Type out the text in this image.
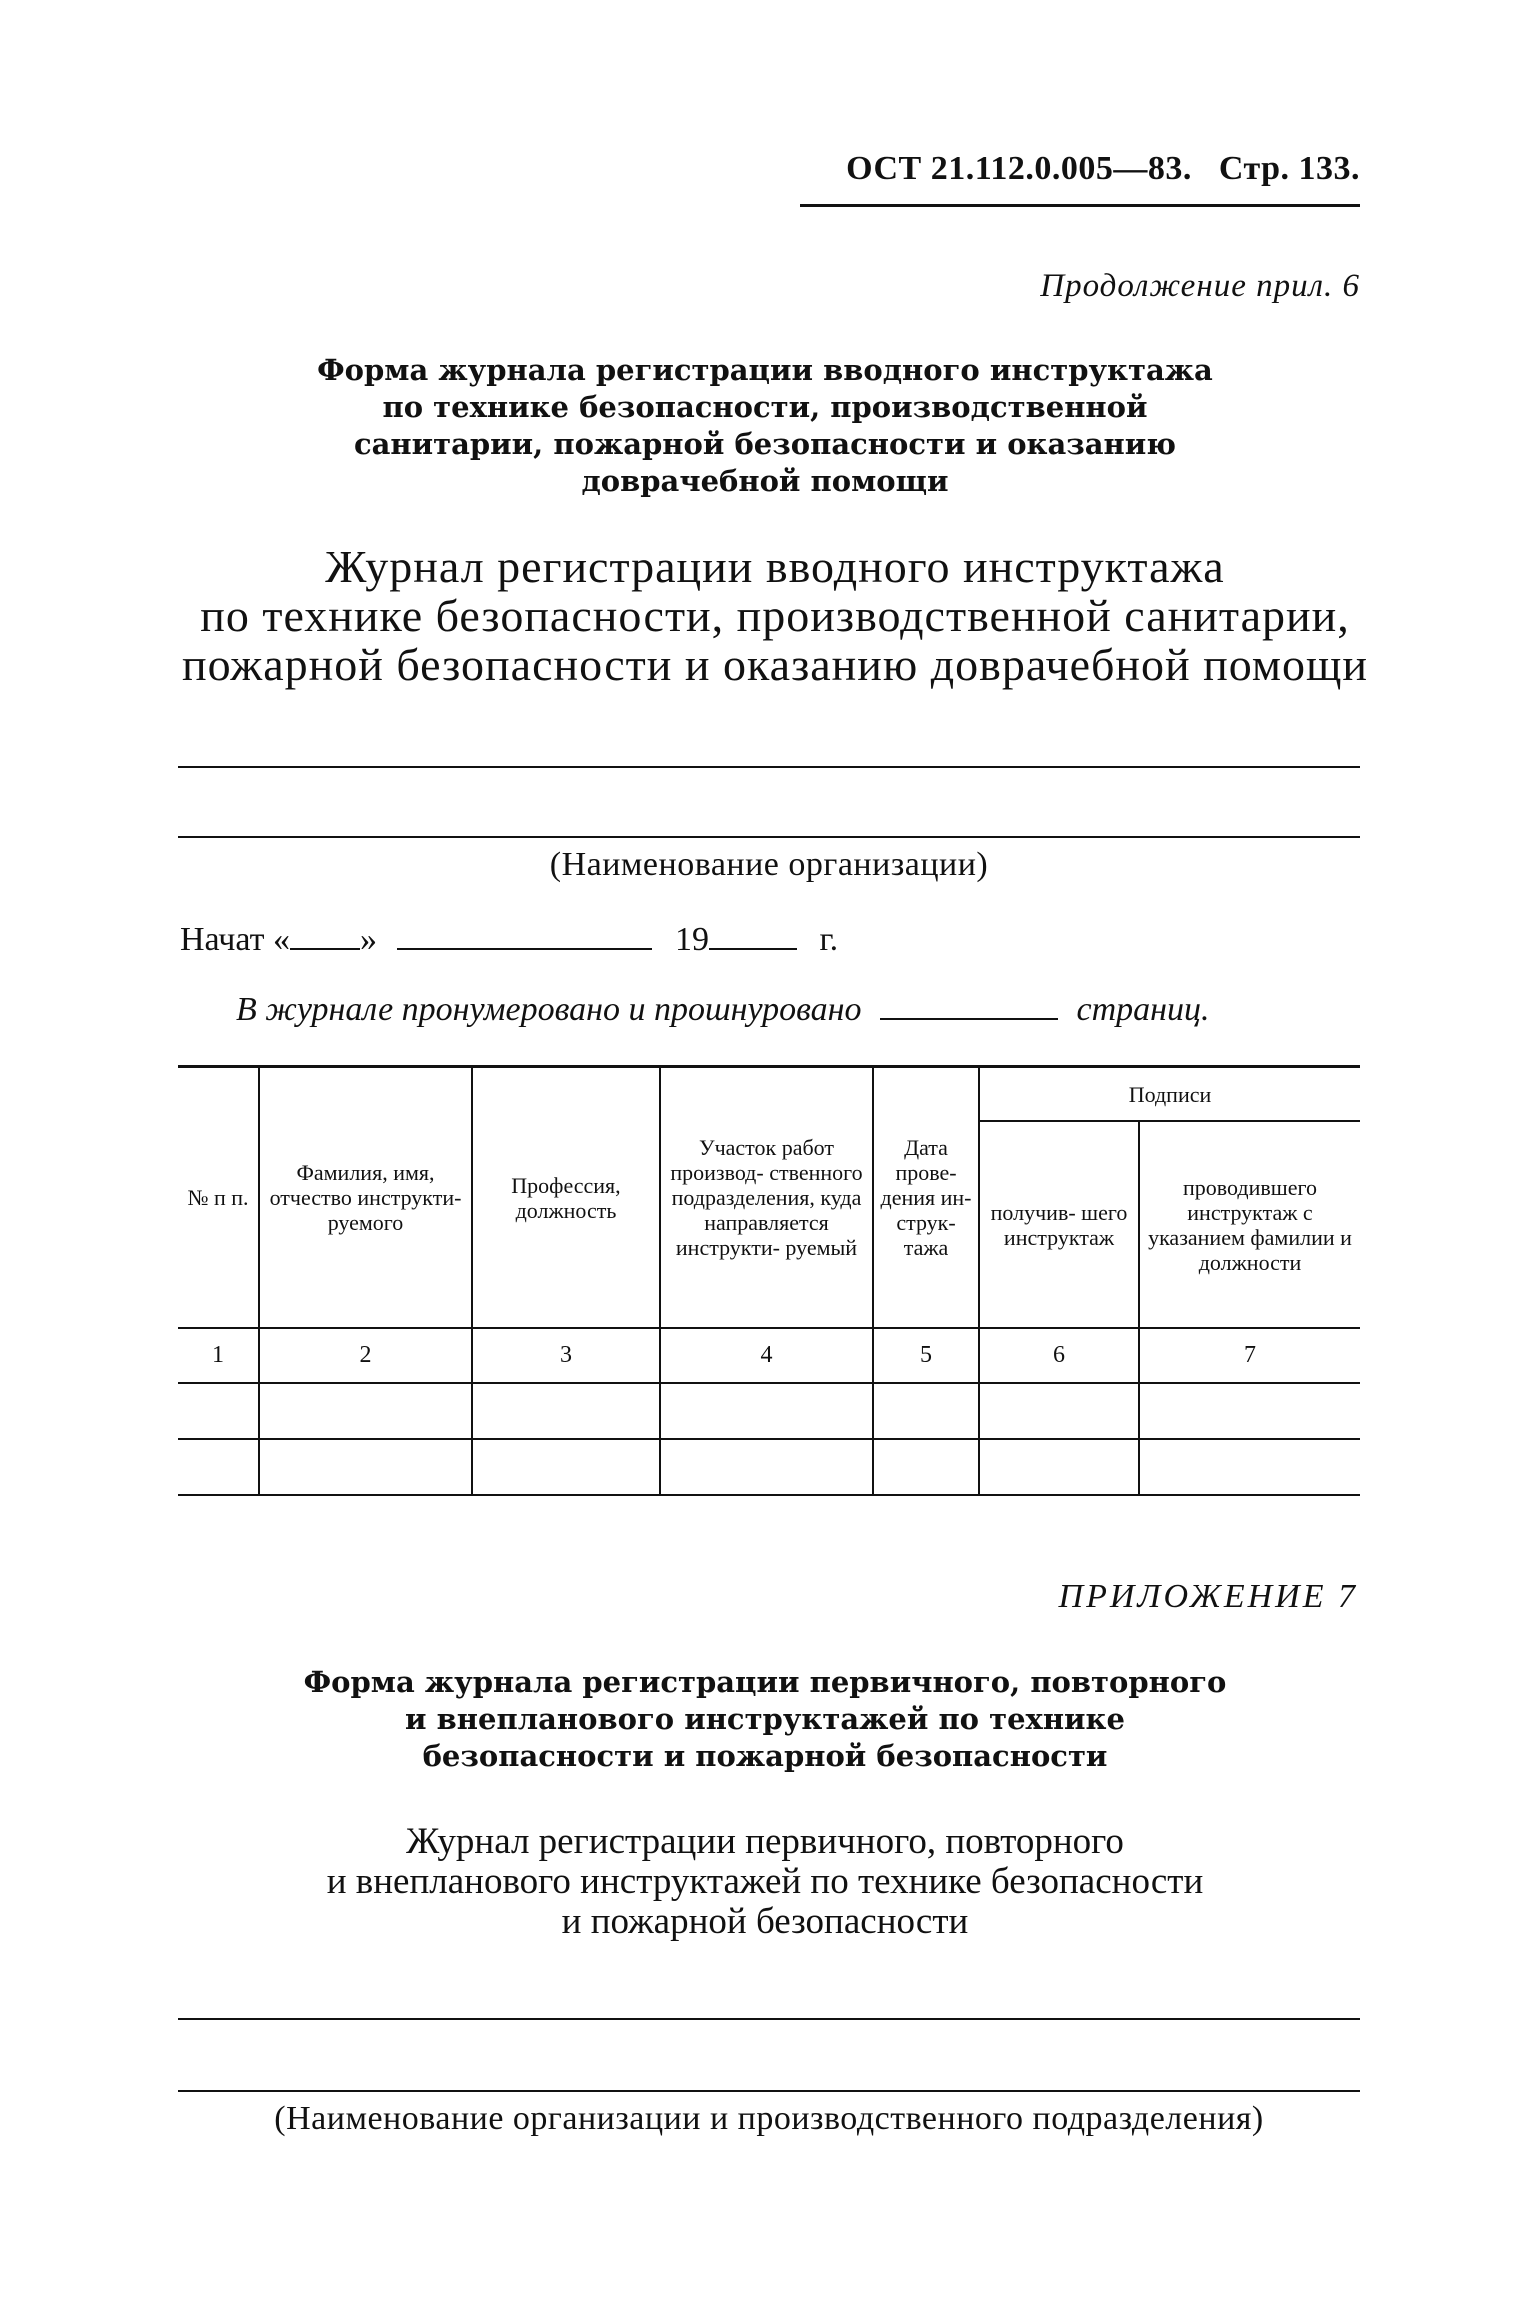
ОСТ 21.112.0.005—83. Стр. 133.
Продолжение прил. 6
Форма журнала регистрации вводного инструктажа
по технике безопасности, производственной
санитарии, пожарной безопасности и оказанию
доврачебной помощи
Журнал регистрации вводного инструктажа
по технике безопасности, производственной санитарии,
пожарной безопасности и оказанию доврачебной помощи
(Наименование организации)
Начат « »	19	г.
В журнале пронумеровано и прошнуровано	страниц.
№ п п.	Фамилия, имя, отчество инструкти- руемого	Профессия, должность	Участок работ производ- ственного подразделения, куда направляется инструкти- руемый	Дата прове- дения ин- струк- тажа	Подписи	
					получив- шего инструктаж	проводившего инструктаж с указанием фамилии и должности
1	2	3	4	5	6	7

ПРИЛОЖЕНИЕ 7
Форма журнала регистрации первичного, повторного
и внепланового инструктажей по технике
безопасности и пожарной безопасности
Журнал регистрации первичного, повторного
и внепланового инструктажей по технике безопасности
и пожарной безопасности
(Наименование организации и производственного подразделения)
